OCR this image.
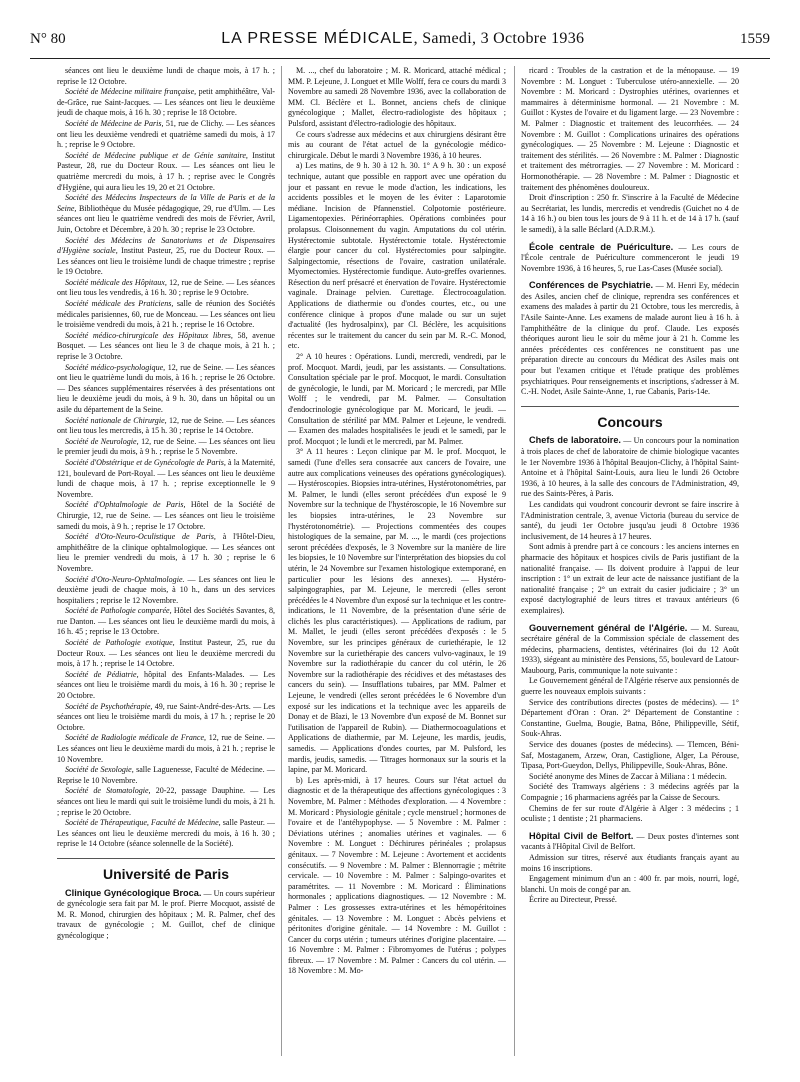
N° 80	LA PRESSE MÉDICALE, Samedi, 3 Octobre 1936	1559

séances ont lieu le deuxième lundi de chaque mois, à 17 h. ; reprise le 12 Octobre.

Société de Médecine militaire française, petit amphithéâtre, Val-de-Grâce, rue Saint-Jacques. — Les séances ont lieu le deuxième jeudi de chaque mois, à 16 h. 30 ; reprise le 18 Octobre.

Société de Médecine de Paris, 51, rue de Clichy. — Les séances ont lieu les deuxième vendredi et quatrième samedi du mois, à 17 h. ; reprise le 9 Octobre.

Société de Médecine publique et de Génie sanitaire, Institut Pasteur, 28, rue du Docteur Roux. — Les séances ont lieu le quatrième mercredi du mois, à 17 h. ; reprise avec le Congrès d'Hygiène, qui aura lieu les 19, 20 et 21 Octobre.

Société des Médecins Inspecteurs de la Ville de Paris et de la Seine, Bibliothèque du Musée pédagogique, 29, rue d'Ulm. — Les séances ont lieu le quatrième vendredi des mois de Février, Avril, Juin, Octobre et Décembre, à 20 h. 30 ; reprise le 23 Octobre.

Société des Médecins de Sanatoriums et de Dispensaires d'Hygiène sociale, Institut Pasteur, 25, rue du Docteur Roux. — Les séances ont lieu le troisième lundi de chaque trimestre ; reprise le 19 Octobre.

Société médicale des Hôpitaux, 12, rue de Seine. — Les séances ont lieu tous les vendredis, à 16 h. 30 ; reprise le 9 Octobre.

Société médicale des Praticiens, salle de réunion des Sociétés médicales parisiennes, 60, rue de Monceau. — Les séances ont lieu le troisième vendredi du mois, à 21 h. ; reprise le 16 Octobre.

Société médico-chirurgicale des Hôpitaux libres, 58, avenue Bosquet. — Les séances ont lieu le 3 de chaque mois, à 21 h. ; reprise le 3 Octobre.

Société médico-psychologique, 12, rue de Seine. — Les séances ont lieu le quatrième lundi du mois, à 16 h. ; reprise le 26 Octobre. — Des séances supplémentaires réservées à des présentations ont lieu le deuxième jeudi du mois, à 9 h. 30, dans un hôpital ou un asile du département de la Seine.

Société nationale de Chirurgie, 12, rue de Seine. — Les séances ont lieu tous les mercredis, à 15 h. 30 ; reprise le 14 Octobre.

Société de Neurologie, 12, rue de Seine. — Les séances ont lieu le premier jeudi du mois, à 9 h. ; reprise le 5 Novembre.

Société d'Obstétrique et de Gynécologie de Paris, à la Maternité, 121, boulevard de Port-Royal. — Les séances ont lieu le deuxième lundi de chaque mois, à 17 h. ; reprise exceptionnelle le 9 Novembre.

Société d'Ophtalmologie de Paris, Hôtel de la Société de Chirurgie, 12, rue de Seine. — Les séances ont lieu le troisième samedi du mois, à 9 h. ; reprise le 17 Octobre.

Société d'Oto-Neuro-Oculistique de Paris, à l'Hôtel-Dieu, amphithéâtre de la clinique ophtalmologique. — Les séances ont lieu le premier vendredi du mois, à 17 h. 30 ; reprise le 6 Novembre.

Société d'Oto-Neuro-Ophtalmologie. — Les séances ont lieu le deuxième jeudi de chaque mois, à 10 h., dans un des services hospitaliers ; reprise le 12 Novembre.

Société de Pathologie comparée, Hôtel des Sociétés Savantes, 8, rue Danton. — Les séances ont lieu le deuxième mardi du mois, à 16 h. 45 ; reprise le 13 Octobre.

Société de Pathologie exotique, Institut Pasteur, 25, rue du Docteur Roux. — Les séances ont lieu le deuxième mercredi du mois, à 17 h. ; reprise le 14 Octobre.

Société de Pédiatrie, hôpital des Enfants-Malades. — Les séances ont lieu le troisième mardi du mois, à 16 h. 30 ; reprise le 20 Octobre.

Société de Psychothérapie, 49, rue Saint-André-des-Arts. — Les séances ont lieu le troisième mardi du mois, à 17 h. ; reprise le 20 Octobre.

Société de Radiologie médicale de France, 12, rue de Seine. — Les séances ont lieu le deuxième mardi du mois, à 21 h. ; reprise le 10 Novembre.

Société de Sexologie, salle Laguenesse, Faculté de Médecine. — Reprise le 10 Novembre.

Société de Stomatologie, 20-22, passage Dauphine. — Les séances ont lieu le mardi qui suit le troisième lundi du mois, à 21 h. ; reprise le 20 Octobre.

Société de Thérapeutique, Faculté de Médecine, salle Pasteur. — Les séances ont lieu le deuxième mercredi du mois, à 16 h. 30 ; reprise le 14 Octobre (séance solennelle de la Société).

Université de Paris

Clinique Gynécologique Broca. — Un cours supérieur de gynécologie sera fait par M. le prof. Pierre Mocquot, assisté de M. R. Monod, chirurgien des hôpitaux ; M. R. Palmer, chef des travaux de gynécologie ; M. Guillot, chef de clinique gynécologique ;

M. ..., chef du laboratoire ; M. R. Moricard, attaché médical ; MM. P. Lejeune, J. Longuet et Mlle Wolff, fera ce cours du mardi 3 Novembre au samedi 28 Novembre 1936, avec la collaboration de MM. Cl. Béclère et L. Bonnet, anciens chefs de clinique gynécologique ; Mallet, électro-radiologiste des hôpitaux ; Pulsford, assistant d'électro-radiologie des hôpitaux.

Ce cours s'adresse aux médecins et aux chirurgiens désirant être mis au courant de l'état actuel de la gynécologie médico-chirurgicale. Début le mardi 3 Novembre 1936, à 10 heures.

a) Les matins, de 9 h. 30 à 12 h. 30. 1° A 9 h. 30 : un exposé technique, autant que possible en rapport avec une opération du jour et passant en revue le mode d'action, les indications, les accidents possibles et le moyen de les éviter : Laparotomie médiane. Incision de Pfannenstiel. Colpotomie postérieure. Ligamentopexies. Périnéorraphies. Opérations combinées pour prolapsus. Cloisonnement du vagin. Amputations du col utérin. Hystérectomie subtotale. Hystérectomie totale. Hystérectomie élargie pour cancer du col. Hystérectomies pour salpingite. Salpingectomie, résections de l'ovaire, castration unilatérale. Myomectomies. Hystérectomie fundique. Auto-greffes ovariennes. Résection du nerf présacré et énervation de l'ovaire. Hystérectomie vaginale. Drainage pelvien. Curettage. Électrocoagulation. Applications de diathermie ou d'ondes courtes, etc., ou une conférence clinique à propos d'une malade ou sur un sujet d'actualité (les hydrosalpinx), par Cl. Béclère, les acquisitions récentes sur le traitement du cancer du sein par M. R.-C. Monod, etc.

2° A 10 heures : Opérations. Lundi, mercredi, vendredi, par le prof. Mocquot. Mardi, jeudi, par les assistants. — Consultations. Consultation spéciale par le prof. Mocquot, le mardi. Consultation de gynécologie, le lundi, par M. Moricard ; le mercredi, par Mlle Wolff ; le vendredi, par M. Palmer. — Consultation d'endocrinologie gynécologique par M. Moricard, le jeudi. — Consultation de stérilité par MM. Palmer et Lejeune, le vendredi. — Examen des malades hospitalisées le jeudi et le samedi, par le prof. Mocquot ; le lundi et le mercredi, par M. Palmer.

3° A 11 heures : Leçon clinique par M. le prof. Mocquot, le samedi (l'une d'elles sera consacrée aux cancers de l'ovaire, une autre aux complications veineuses des opérations gynécologiques). — Hystéroscopies. Biopsies intra-utérines, Hystérotonométries, par M. Palmer, le lundi (elles seront précédées d'un exposé le 9 Novembre sur la technique de l'hystéroscopie, le 16 Novembre sur les biopsies intra-utérines, le 23 Novembre sur l'hystérotonométrie). — Projections commentées des coupes histologiques de la semaine, par M. ..., le mardi (ces projections seront précédées d'exposés, le 3 Novembre sur la manière de lire les biopsies, le 10 Novembre sur l'interprétation des biopsies du col utérin, le 24 Novembre sur l'examen histologique extemporané, en particulier pour les lésions des annexes). — Hystéro-salpingographies, par M. Lejeune, le mercredi (elles seront précédées le 4 Novembre d'un exposé sur la technique et les contre-indications, le 11 Novembre, de la présentation d'une série de clichés les plus caractéristiques). — Applications de radium, par M. Mallet, le jeudi (elles seront précédées d'exposés : le 5 Novembre, sur les principes généraux de curiethérapie, le 12 Novembre sur la curiethérapie des cancers vulvo-vaginaux, le 19 Novembre sur la radiothérapie du cancer du col utérin, le 26 Novembre sur la radiothérapie des récidives et des métastases des cancers du sein). — Insufflations tubaires, par MM. Palmer et Lejeune, le vendredi (elles seront précédées le 6 Novembre d'un exposé sur les indications et la technique avec les appareils de Donay et de Bîazi, le 13 Novembre d'un exposé de M. Bonnet sur l'utilisation de l'appareil de Rubin). — Diathermocoagulations et Applications de diathermie, par M. Lejeune, les mardis, jeudis, samedis. — Applications d'ondes courtes, par M. Pulsford, les mardis, jeudis, samedis. — Titrages hormonaux sur la souris et la lapine, par M. Moricard.

b) Les après-midi, à 17 heures. Cours sur l'état actuel du diagnostic et de la thérapeutique des affections gynécologiques : 3 Novembre, M. Palmer : Méthodes d'exploration. — 4 Novembre : M. Moricard : Physiologie génitale ; cycle menstruel ; hormones de l'ovaire et de l'antéhypophyse. — 5 Novembre : M. Palmer : Déviations utérines ; anomalies utérines et vaginales. — 6 Novembre : M. Longuet : Déchirures périnéales ; prolapsus génitaux. — 7 Novembre : M. Lejeune : Avortement et accidents consécutifs. — 9 Novembre : M. Palmer : Blennorragie ; métrite cervicale. — 10 Novembre : M. Palmer : Salpingo-ovarites et paramétrites. — 11 Novembre : M. Moricard : Éliminations hormonales ; applications diagnostiques. — 12 Novembre : M. Palmer : Les grossesses extra-utérines et les hémopéritoines génitales. — 13 Novembre : M. Longuet : Abcès pelviens et péritonites d'origine génitale. — 14 Novembre : M. Guillot : Cancer du corps utérin ; tumeurs utérines d'origine placentaire. — 16 Novembre : M. Palmer : Fibromyomes de l'utérus ; polypes fibreux. — 17 Novembre : M. Palmer : Cancers du col utérin. — 18 Novembre : M. Mo-

ricard : Troubles de la castration et de la ménopause. — 19 Novembre : M. Longuet : Tuberculose utéro-annexielle. — 20 Novembre : M. Moricard : Dystrophies utérines, ovariennes et mammaires à déterminisme hormonal. — 21 Novembre : M. Guillot : Kystes de l'ovaire et du ligament large. — 23 Novembre : M. Palmer : Diagnostic et traitement des leucorrhées. — 24 Novembre : M. Guillot : Complications urinaires des opérations gynécologiques. — 25 Novembre : M. Lejeune : Diagnostic et traitement des stérilités. — 26 Novembre : M. Palmer : Diagnostic et traitement des métrorragies. — 27 Novembre : M. Moricard : Hormonothérapie. — 28 Novembre : M. Palmer : Diagnostic et traitement des phénomènes douloureux.

Droit d'inscription : 250 fr. S'inscrire à la Faculté de Médecine au Secrétariat, les lundis, mercredis et vendredis (Guichet no 4 de 14 à 16 h.) ou bien tous les jours de 9 à 11 h. et de 14 à 17 h. (sauf le samedi), à la salle Béclard (A.D.R.M.).

École centrale de Puériculture. — Les cours de l'École centrale de Puériculture commenceront le jeudi 19 Novembre 1936, à 16 heures, 5, rue Las-Cases (Musée social).

Conférences de Psychiatrie. — M. Henri Ey, médecin des Asiles, ancien chef de clinique, reprendra ses conférences et examens des malades à partir du 21 Octobre, tous les mercredis, à l'Asile Sainte-Anne. Les examens de malade auront lieu à 16 h. à l'amphithéâtre de la clinique du prof. Claude. Les exposés théoriques auront lieu le soir du même jour à 21 h. Comme les années précédentes ces conférences ne constituent pas une préparation directe au concours du Médicat des Asiles mais ont pour but l'examen critique et l'étude pratique des problèmes psychiatriques. Pour renseignements et inscriptions, s'adresser à M. C.-H. Nodet, Asile Sainte-Anne, 1, rue Cabanis, Paris-14e.

Concours

Chefs de laboratoire. — Un concours pour la nomination à trois places de chef de laboratoire de chimie biologique vacantes le 1er Novembre 1936 à l'hôpital Beaujon-Clichy, à l'hôpital Saint-Antoine et à l'hôpital Saint-Louis, aura lieu le lundi 26 Octobre 1936, à 10 heures, à la salle des concours de l'Administration, 49, rue des Saints-Pères, à Paris.

Les candidats qui voudront concourir devront se faire inscrire à l'Administration centrale, 3, avenue Victoria (bureau du service de santé), du jeudi 1er Octobre jusqu'au jeudi 8 Octobre 1936 inclusivement, de 14 heures à 17 heures.

Sont admis à prendre part à ce concours : les anciens internes en pharmacie des hôpitaux et hospices civils de Paris justifiant de la nationalité française. — Ils doivent produire à l'appui de leur inscription : 1° un extrait de leur acte de naissance justifiant de la nationalité française ; 2° un extrait du casier judiciaire ; 3° un exposé dactylographié de leurs titres et travaux antérieurs (6 exemplaires).

Gouvernement général de l'Algérie. — M. Sureau, secrétaire général de la Commission spéciale de classement des médecins, pharmaciens, dentistes, vétérinaires (loi du 12 Août 1933), siégeant au ministère des Pensions, 55, boulevard de Latour-Maubourg, Paris, communique la note suivante :

Le Gouvernement général de l'Algérie réserve aux pensionnés de guerre les nouveaux emplois suivants :

Service des contributions directes (postes de médecins). — 1° Département d'Oran : Oran. 2° Département de Constantine : Constantine, Guelma, Bougie, Batna, Bône, Philippeville, Sétif, Souk-Ahras.

Service des douanes (postes de médecins). — Tlemcen, Béni-Saf, Mostaganem, Arzew, Oran, Castiglione, Alger, La Pérouse, Tipasa, Port-Gueydon, Dellys, Philippeville, Souk-Ahras, Bône.

Société anonyme des Mines de Zaccar à Miliana : 1 médecin.

Société des Tramways algériens : 3 médecins agréés par la Compagnie ; 16 pharmaciens agréés par la Caisse de Secours.

Chemins de fer sur route d'Algérie à Alger : 3 médecins ; 1 oculiste ; 1 dentiste ; 21 pharmaciens.

Hôpital Civil de Belfort. — Deux postes d'internes sont vacants à l'Hôpital Civil de Belfort.

Admission sur titres, réservé aux étudiants français ayant au moins 16 inscriptions.

Engagement minimum d'un an : 400 fr. par mois, nourri, logé, blanchi. Un mois de congé par an.

Écrire au Directeur, Pressé.
